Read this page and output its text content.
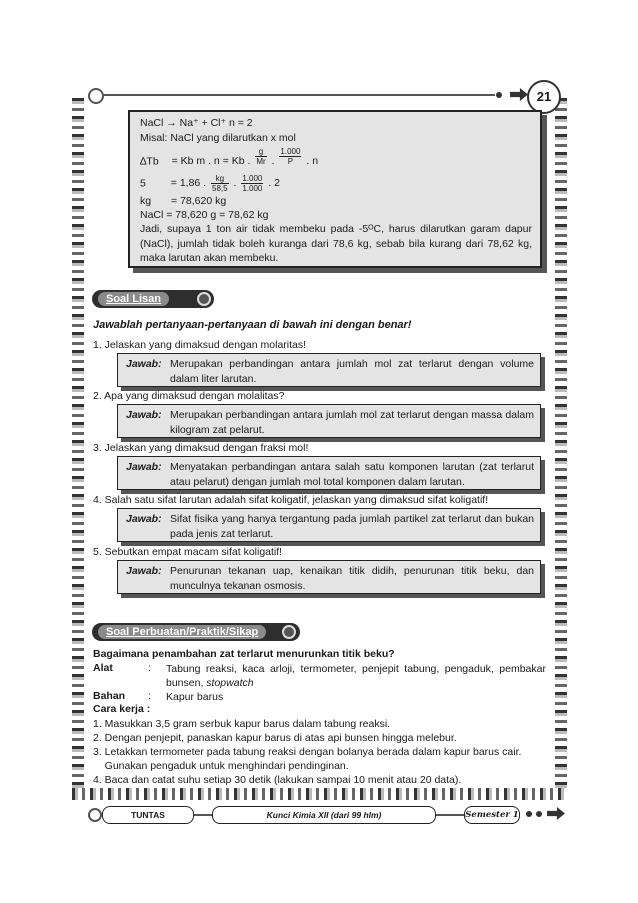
21
NaCl → Na⁺ + Cl⁺ n = 2
Misal: NaCl yang dilarutkan x mol
∆Tb = Kb m . n = Kb . $\frac{g}{Mr}$ . $\frac{1.000}{P}$ . n
5 = 1,86 . $\frac{kg}{58,5}$ . $\frac{1.000}{1.000}$ . 2
kg = 78,620 kg
NaCl = 78,620 g = 78,62 kg
Jadi, supaya 1 ton air tidak membeku pada -5ᴼC, harus dilarutkan garam dapur (NaCl), jumlah tidak boleh kuranga dari 78,6 kg, sebab bila kurang dari 78,62 kg, maka larutan akan membeku.
Soal Lisan
Jawablah pertanyaan-pertanyaan di bawah ini dengan benar!
1. Jelaskan yang dimaksud dengan molaritas!
Jawab: Merupakan perbandingan antara jumlah mol zat terlarut dengan volume dalam liter larutan.
2. Apa yang dimaksud dengan molalitas?
Jawab: Merupakan perbandingan antara jumlah mol zat terlarut dengan massa dalam kilogram zat pelarut.
3. Jelaskan yang dimaksud dengan fraksi mol!
Jawab: Menyatakan perbandingan antara salah satu komponen larutan (zat terlarut atau pelarut) dengan jumlah mol total komponen dalam larutan.
4. Salah satu sifat larutan adalah sifat koligatif, jelaskan yang dimaksud sifat koligatif!
Jawab: Sifat fisika yang hanya tergantung pada jumlah partikel zat terlarut dan bukan pada jenis zat terlarut.
5. Sebutkan empat macam sifat koligatif!
Jawab: Penurunan tekanan uap, kenaikan titik didih, penurunan titik beku, dan munculnya tekanan osmosis.
Soal Perbuatan/Praktik/Sikap
Bagaimana penambahan zat terlarut menurunkan titik beku?
Alat	: Tabung reaksi, kaca arloji, termometer, penjepit tabung, pengaduk, pembakar bunsen, stopwatch
Bahan : Kapur barus
Cara kerja :
1. Masukkan 3,5 gram serbuk kapur barus dalam tabung reaksi.
2. Dengan penjepit, panaskan kapur barus di atas api bunsen hingga melebur.
3. Letakkan termometer pada tabung reaksi dengan bolanya berada dalam kapur barus cair.
Gunakan pengaduk untuk menghindari pendinginan.
4. Baca dan catat suhu setiap 30 detik (lakukan sampai 10 menit atau 20 data).
TUNTAS	Kunci Kimia XII (dari 99 hlm)	Semester 1
